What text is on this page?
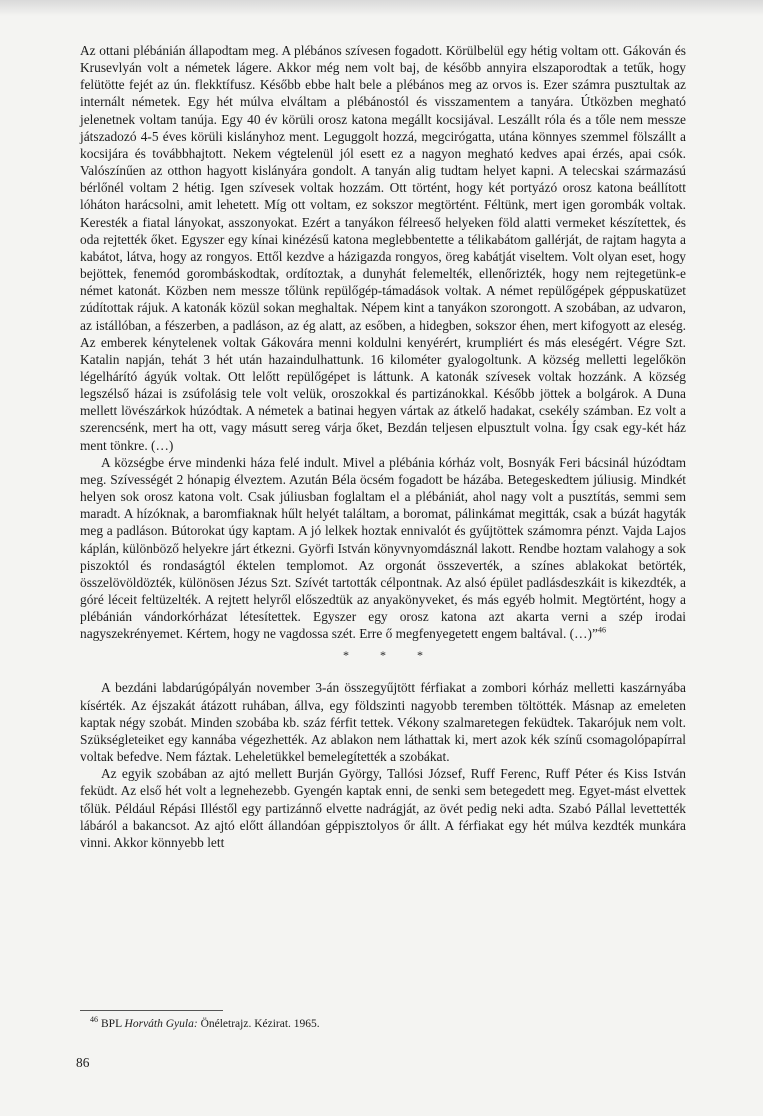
Az ottani plébánián állapodtam meg. A plébános szívesen fogadott. Körülbelül egy hétig voltam ott. Gákován és Krusevlyán volt a németek lágere. Akkor még nem volt baj, de később annyira elszaporodtak a tetűk, hogy felütötte fejét az ún. flekktífusz. Később ebbe halt bele a plébános meg az orvos is. Ezer számra pusztultak az internált németek. Egy hét múlva elváltam a plébánostól és visszamentem a tanyára. Útközben megható jelenetnek voltam tanúja. Egy 40 év körüli orosz katona megállt kocsijával. Leszállt róla és a tőle nem messze játszadozó 4-5 éves körüli kislányhoz ment. Leguggolt hozzá, megcirógatta, utána könnyes szemmel fölszállt a kocsijára és továbbhajtott. Nekem végtelenül jól esett ez a nagyon megható kedves apai érzés, apai csók. Valószínűen az otthon hagyott kislányára gondolt. A tanyán alig tudtam helyet kapni. A telecskai származású bérlőnél voltam 2 hétig. Igen szívesek voltak hozzám. Ott történt, hogy két portyázó orosz katona beállított lóháton harácsolni, amit lehetett. Míg ott voltam, ez sokszor megtörtént. Féltünk, mert igen gorombák voltak. Keresték a fiatal lányokat, asszonyokat. Ezért a tanyákon félreeső helyeken föld alatti vermeket készítettek, és oda rejtették őket. Egyszer egy kínai kinézésű katona meglebbentette a télikabátom gallérját, de rajtam hagyta a kabátot, látva, hogy az rongyos. Ettől kezdve a házigazda rongyos, öreg kabátját viseltem. Volt olyan eset, hogy bejöttek, fenemód gorombáskodtak, ordítoztak, a dunyhát felemelték, ellenőrizték, hogy nem rejtegetünk-e német katonát. Közben nem messze tőlünk repülőgép-támadások voltak. A német repülőgépek géppuskatüzet zúdítottak rájuk. A katonák közül sokan meghaltak. Népem kint a tanyákon szorongott. A szobában, az udvaron, az istállóban, a fészerben, a padláson, az ég alatt, az esőben, a hidegben, sokszor éhen, mert kifogyott az eleség. Az emberek kénytelenek voltak Gákovára menni koldulni kenyérért, krumpliért és más eleségért. Végre Szt. Katalin napján, tehát 3 hét után hazaindulhattunk. 16 kilométer gyalogoltunk. A község melletti legelőkön légelhárító ágyúk voltak. Ott lelőtt repülőgépet is láttunk. A katonák szívesek voltak hozzánk. A község legszélső házai is zsúfolásig tele volt velük, oroszokkal és partizánokkal. Később jöttek a bolgárok. A Duna mellett lövészárkok húzódtak. A németek a batinai hegyen vártak az átkelő hadakat, csekély számban. Ez volt a szerencsénk, mert ha ott, vagy másutt sereg várja őket, Bezdán teljesen elpusztult volna. Így csak egy-két ház ment tönkre. (…)

A községbe érve mindenki háza felé indult. Mivel a plébánia kórház volt, Bosnyák Feri bácsinál húzódtam meg. Szívességét 2 hónapig élveztem. Azután Béla öcsém fogadott be házába. Betegeskedtem júliusig. Mindkét helyen sok orosz katona volt. Csak júliusban foglaltam el a plébániát, ahol nagy volt a pusztítás, semmi sem maradt. A hízóknak, a baromfiaknak hűlt helyét találtam, a boromat, pálinkámat megitták, csak a búzát hagyták meg a padláson. Bútorokat úgy kaptam. A jó lelkek hoztak ennivalót és gyűjtöttek számomra pénzt. Vajda Lajos káplán, különböző helyekre járt étkezni. Györfi István könyvnyomdásznál lakott. Rendbe hoztam valahogy a sok piszoktól és rondaságtól éktelen templomot. Az orgonát összeverték, a színes ablakokat betörték, összelövöldözték, különösen Jézus Szt. Szívét tartották célpontnak. Az alsó épület padlásdeszkáit is kikezdték, a góré léceit feltüzelték. A rejtett helyről előszedtük az anyakönyveket, és más egyéb holmit. Megtörtént, hogy a plébánián vándorkórházat létesítettek. Egyszer egy orosz katona azt akarta verni a szép irodai nagyszekrényemet. Kértem, hogy ne vagdossa szét. Erre ő megfenyegetett engem baltával. (…)”$^{46}$

* * *

A bezdáni labdarúgópályán november 3-án összegyűjtött férfiakat a zombori kórház melletti kaszárnyába kísérték. Az éjszakát átázott ruhában, állva, egy földszinti nagyobb teremben töltötték. Másnap az emeleten kaptak négy szobát. Minden szobába kb. száz férfit tettek. Vékony szalmaretegen feküdtek. Takarójuk nem volt. Szükségleteiket egy kannába végezhették. Az ablakon nem láthattak ki, mert azok kék színű csomagolópapírral voltak befedve. Nem fáztak. Leheletükkel bemelegítették a szobákat.

Az egyik szobában az ajtó mellett Burján György, Tallósi József, Ruff Ferenc, Ruff Péter és Kiss István feküdt. Az első hét volt a legnehezebb. Gyengén kaptak enni, de senki sem betegedett meg. Egyet-mást elvettek tőlük. Például Répási Illéstől egy partizánnő elvette nadrágját, az övét pedig neki adta. Szabó Pállal levettették lábáról a bakancsot. Az ajtó előtt állandóan géppisztolyos őr állt. A férfiakat egy hét múlva kezdték munkára vinni. Akkor könnyebb lett

$^{46}$ BPL Horváth Gyula: Önéletrajz. Kézirat. 1965.
86
